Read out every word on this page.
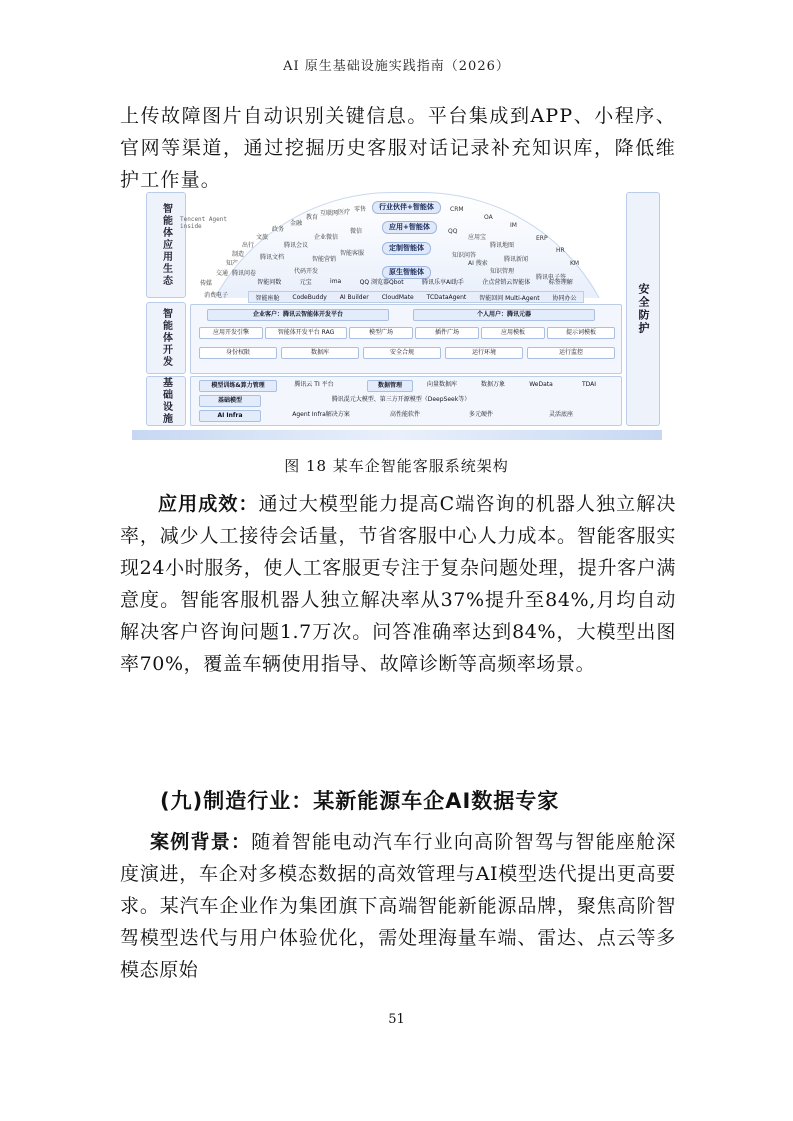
AI 原生基础设施实践指南（2026）

上传故障图片自动识别关键信息。平台集成到APP、小程序、官网等渠道，通过挖掘历史客服对话记录补充知识库，降低维护工作量。

智能体应用生态
智能体开发
基础设施
安全防护
Tencent Agent inside
传媒
交通
知产
制造
出行
文旅
政务
金融
教育
互联网 医疗 零售
腾讯问卷
腾讯文档
腾讯会议
企业微信
微信
代码开发
智能营销
智能客服
CRM
OA
IM
ERP
HR
KM
QQ
应用宝
腾讯地图
知识问答
AI 搜索
知识管理
腾讯新闻
腾讯电子签
消费电子
行业伙伴+智能体
应用+智能体
定制智能体
原生智能体
智能问数	元宝	ima	QQ 浏览器Qbot	腾讯乐享AI助手	企点营销云智能体	标签理解
智能座舱 CodeBuddy AI Builder CloudMate TCDataAgent 智能回问 Multi-Agent 协同办公
企业客户：腾讯云智能体开发平台	个人用户：腾讯元器
应用开发引擎	智能体开发平台 RAG	模型广场	插件广场	应用模板	提示词模板
身份权限	数据库	安全合规	运行环境	运行监控
模型训练&算力管理	腾讯云 TI 平台	数据管理	向量数据库	数据万象	WeData	TDAI
基础模型	腾讯混元大模型、第三方开源模型（DeepSeek等）
AI Infra	Agent Infra解决方案	高性能软件	多元硬件	灵活底座
图 18 某车企智能客服系统架构

应用成效：通过大模型能力提高C端咨询的机器人独立解决率，减少人工接待会话量，节省客服中心人力成本。智能客服实现24小时服务，使人工客服更专注于复杂问题处理，提升客户满意度。智能客服机器人独立解决率从37%提升至84%,月均自动解决客户咨询问题1.7万次。问答准确率达到84%，大模型出图率70%，覆盖车辆使用指导、故障诊断等高频率场景。

(九)制造行业：某新能源车企AI数据专家

案例背景：随着智能电动汽车行业向高阶智驾与智能座舱深度演进，车企对多模态数据的高效管理与AI模型迭代提出更高要求。某汽车企业作为集团旗下高端智能新能源品牌，聚焦高阶智驾模型迭代与用户体验优化，需处理海量车端、雷达、点云等多模态原始

51
